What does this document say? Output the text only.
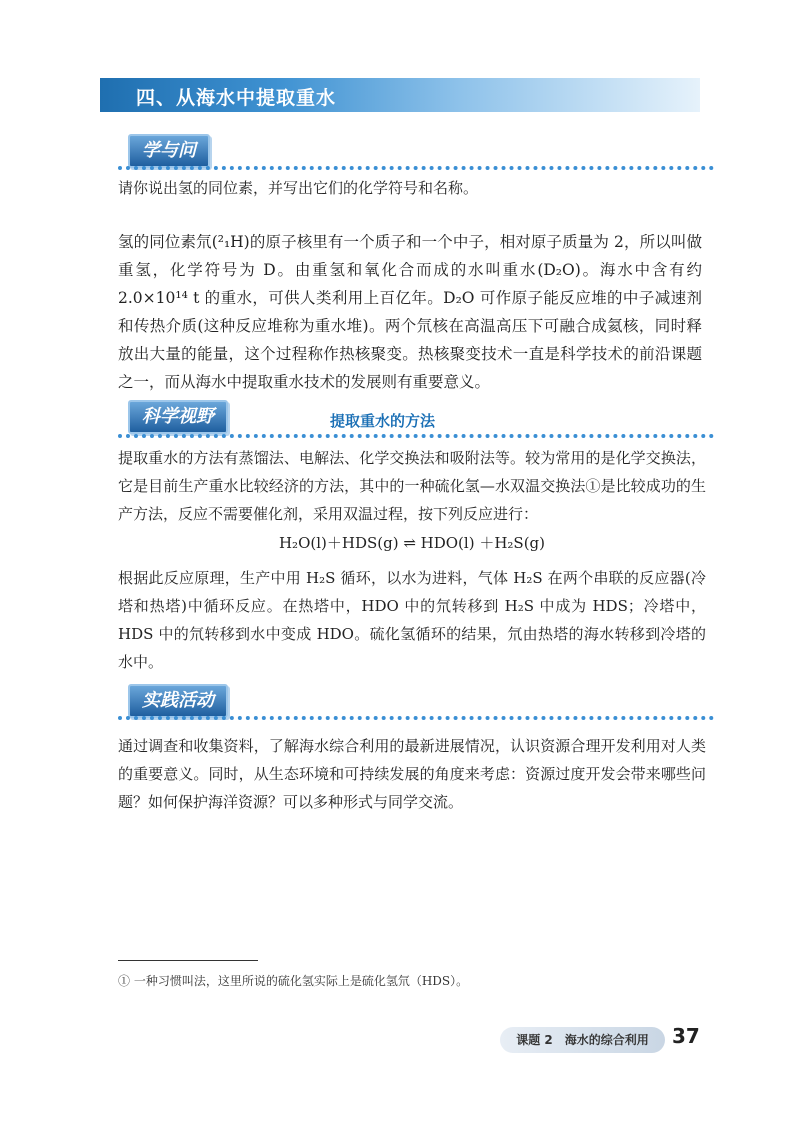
四、从海水中提取重水
学与问

请你说出氢的同位素，并写出它们的化学符号和名称。

氢的同位素氘(²₁H)的原子核里有一个质子和一个中子，相对原子质量为 2，所以叫做重氢，化学符号为 D。由重氢和氧化合而成的水叫重水(D₂O)。海水中含有约 2.0×10¹⁴ t 的重水，可供人类利用上百亿年。D₂O 可作原子能反应堆的中子减速剂和传热介质(这种反应堆称为重水堆)。两个氘核在高温高压下可融合成氦核，同时释放出大量的能量，这个过程称作热核聚变。热核聚变技术一直是科学技术的前沿课题之一，而从海水中提取重水技术的发展则有重要意义。

科学视野	提取重水的方法

提取重水的方法有蒸馏法、电解法、化学交换法和吸附法等。较为常用的是化学交换法，它是目前生产重水比较经济的方法，其中的一种硫化氢—水双温交换法①是比较成功的生产方法，反应不需要催化剂，采用双温过程，按下列反应进行：

H₂O(l)＋HDS(g) ⇌ HDO(l) ＋H₂S(g)

根据此反应原理，生产中用 H₂S 循环，以水为进料，气体 H₂S 在两个串联的反应器(冷塔和热塔)中循环反应。在热塔中，HDO 中的氘转移到 H₂S 中成为 HDS；冷塔中，HDS 中的氘转移到水中变成 HDO。硫化氢循环的结果，氘由热塔的海水转移到冷塔的水中。

实践活动

通过调查和收集资料，了解海水综合利用的最新进展情况，认识资源合理开发利用对人类的重要意义。同时，从生态环境和可持续发展的角度来考虑：资源过度开发会带来哪些问题？如何保护海洋资源？可以多种形式与同学交流。

① 一种习惯叫法，这里所说的硫化氢实际上是硫化氢氘（HDS）。
课题 2　海水的综合利用	37
